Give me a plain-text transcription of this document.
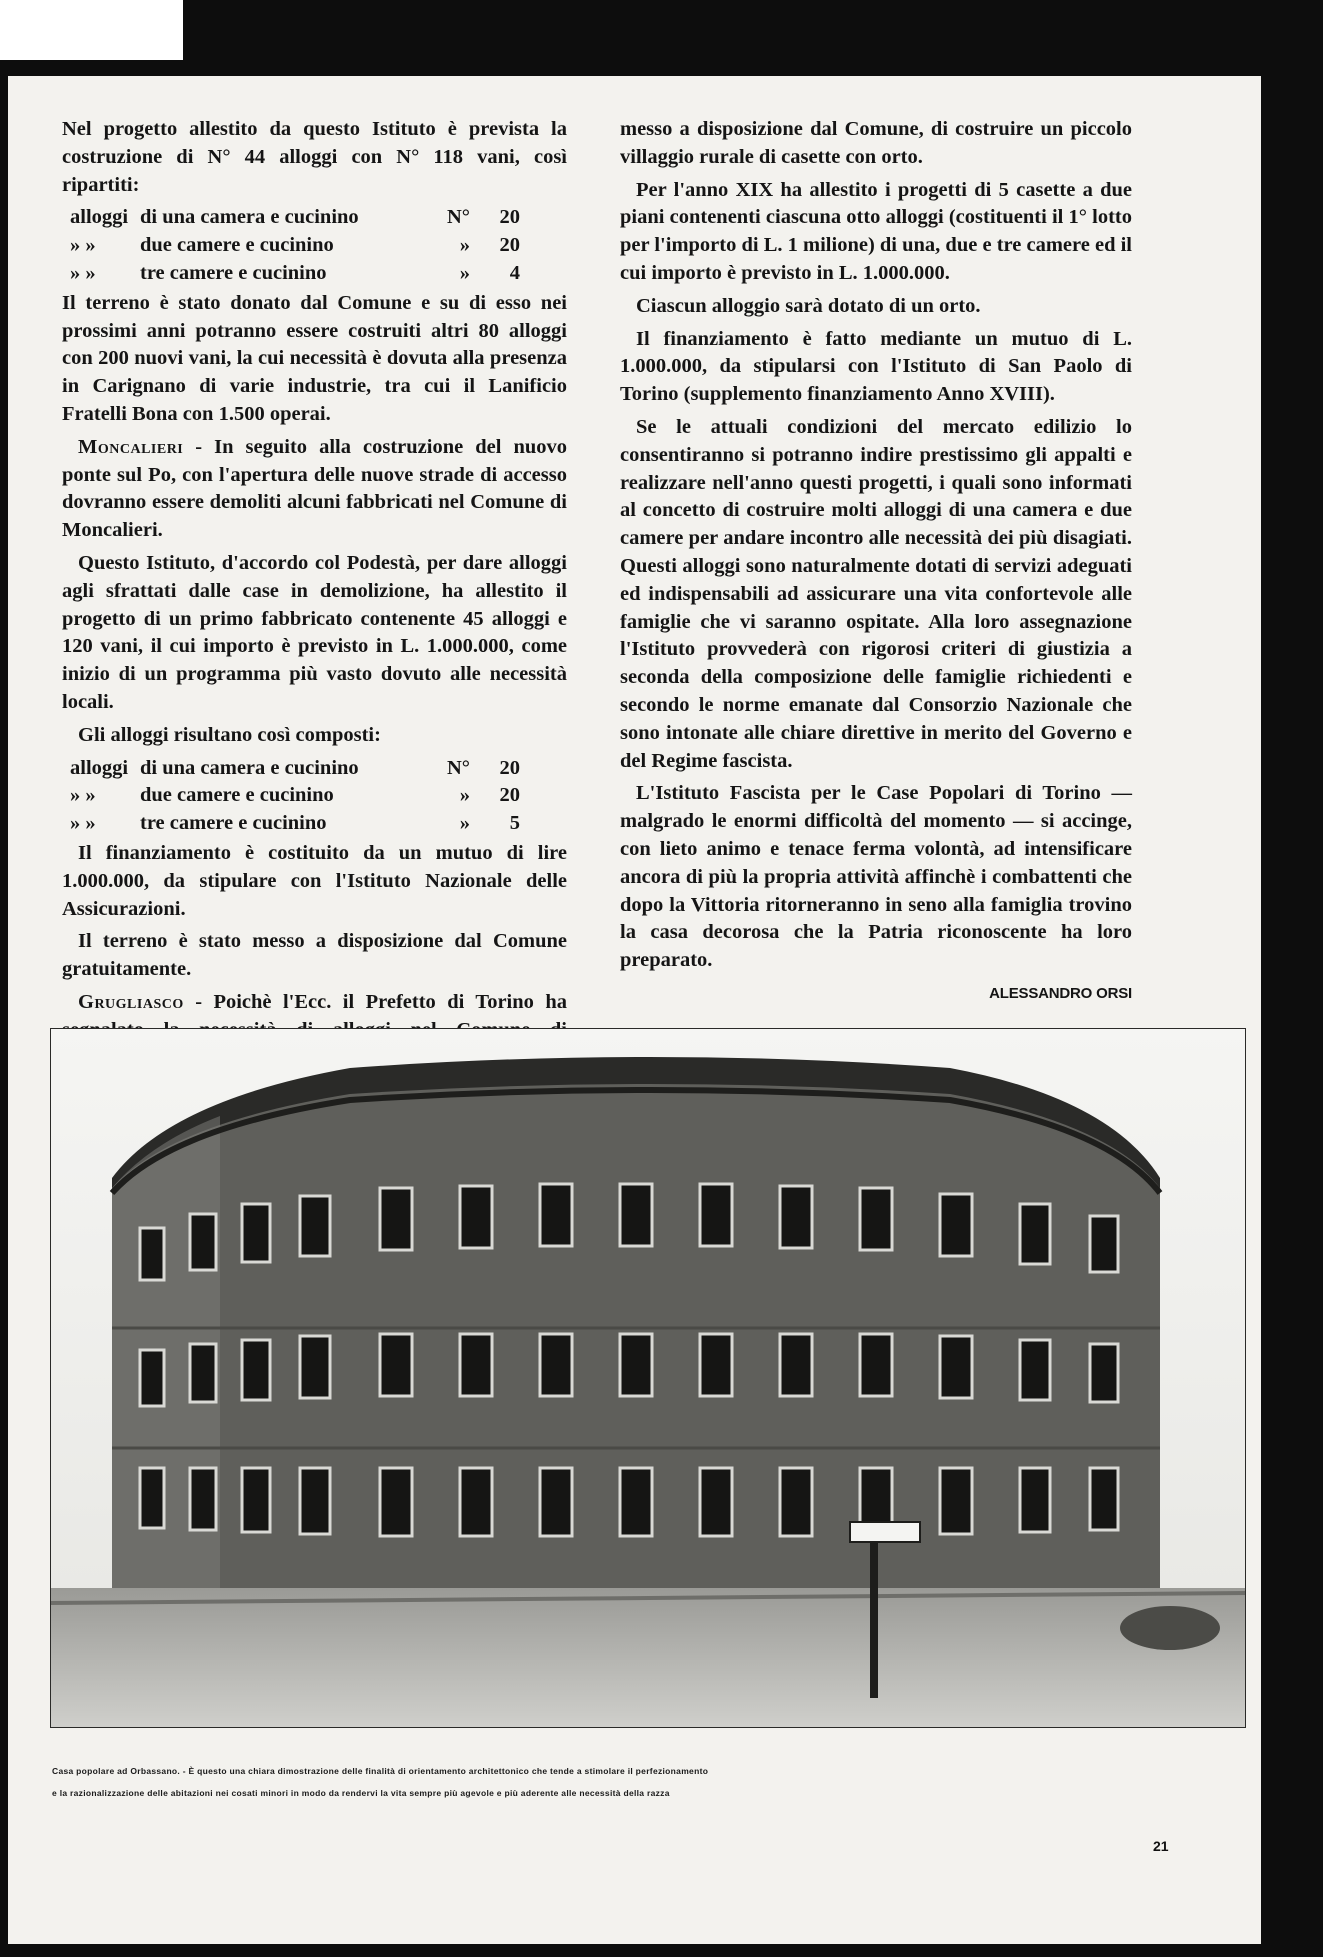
Nel progetto allestito da questo Istituto è prevista la costruzione di N° 44 alloggi con N° 118 vani, così ripartiti:

alloggi di una camera e cucinino	N°	20
» »	due camere e cucinino	»	20
» »	tre camere e cucinino	»	4

Il terreno è stato donato dal Comune e su di esso nei prossimi anni potranno essere costruiti altri 80 alloggi con 200 nuovi vani, la cui necessità è dovuta alla presenza in Carignano di varie industrie, tra cui il Lanificio Fratelli Bona con 1.500 operai.

Moncalieri - In seguito alla costruzione del nuovo ponte sul Po, con l'apertura delle nuove strade di accesso dovranno essere demoliti alcuni fabbricati nel Comune di Moncalieri.

Questo Istituto, d'accordo col Podestà, per dare alloggi agli sfrattati dalle case in demolizione, ha allestito il progetto di un primo fabbricato contenente 45 alloggi e 120 vani, il cui importo è previsto in L. 1.000.000, come inizio di un programma più vasto dovuto alle necessità locali.

Gli alloggi risultano così composti:

alloggi di una camera e cucinino	N°	20
» »	due camere e cucinino	»	20
» »	tre camere e cucinino	»	5

Il finanziamento è costituito da un mutuo di lire 1.000.000, da stipulare con l'Istituto Nazionale delle Assicurazioni.

Il terreno è stato messo a disposizione dal Comune gratuitamente.

Grugliasco - Poichè l'Ecc. il Prefetto di Torino ha

messo a disposizione dal Comune, di costruire un piccolo villaggio rurale di casette con orto.

Per l'anno XIX ha allestito i progetti di 5 casette a due piani contenenti ciascuna otto alloggi (costituenti il 1° lotto per l'importo di L. 1 milione) di una, due e tre camere ed il cui importo è previsto in L. 1.000.000.

Ciascun alloggio sarà dotato di un orto.

Il finanziamento è fatto mediante un mutuo di L. 1.000.000, da stipularsi con l'Istituto di San Paolo di Torino (supplemento finanziamento Anno XVIII).

Se le attuali condizioni del mercato edilizio lo consentiranno si potranno indire prestissimo gli appalti e realizzare nell'anno questi progetti, i quali sono informati al concetto di costruire molti alloggi di una camera e due camere per andare incontro alle necessità dei più disagiati. Questi alloggi sono naturalmente dotati di servizi adeguati ed indispensabili ad assicurare una vita confortevole alle famiglie che vi saranno ospitate. Alla loro assegnazione l'Istituto provvederà con rigorosi criteri di giustizia a seconda della composizione delle famiglie richiedenti e secondo le norme emanate dal Consorzio Nazionale che sono intonate alle chiare direttive in merito del Governo e del Regime fascista.

L'Istituto Fascista per le Case Popolari di Torino — malgrado le enormi difficoltà del momento — si accinge, con lieto animo e tenace ferma volontà, ad intensificare ancora di più la propria attività affinchè i combattenti che dopo la Vittoria ritorneranno in seno alla famiglia trovino la casa decorosa che la Patria riconoscente ha loro preparato.

ALESSANDRO ORSI
Casa popolare ad Orbassano. - È questo una chiara dimostrazione delle finalità di orientamento architettonico che tende a stimolare il perfezionamento
e la razionalizzazione delle abitazioni nei cosati minori in modo da rendervi la vita sempre più agevole e più aderente alle necessità della razza
21
